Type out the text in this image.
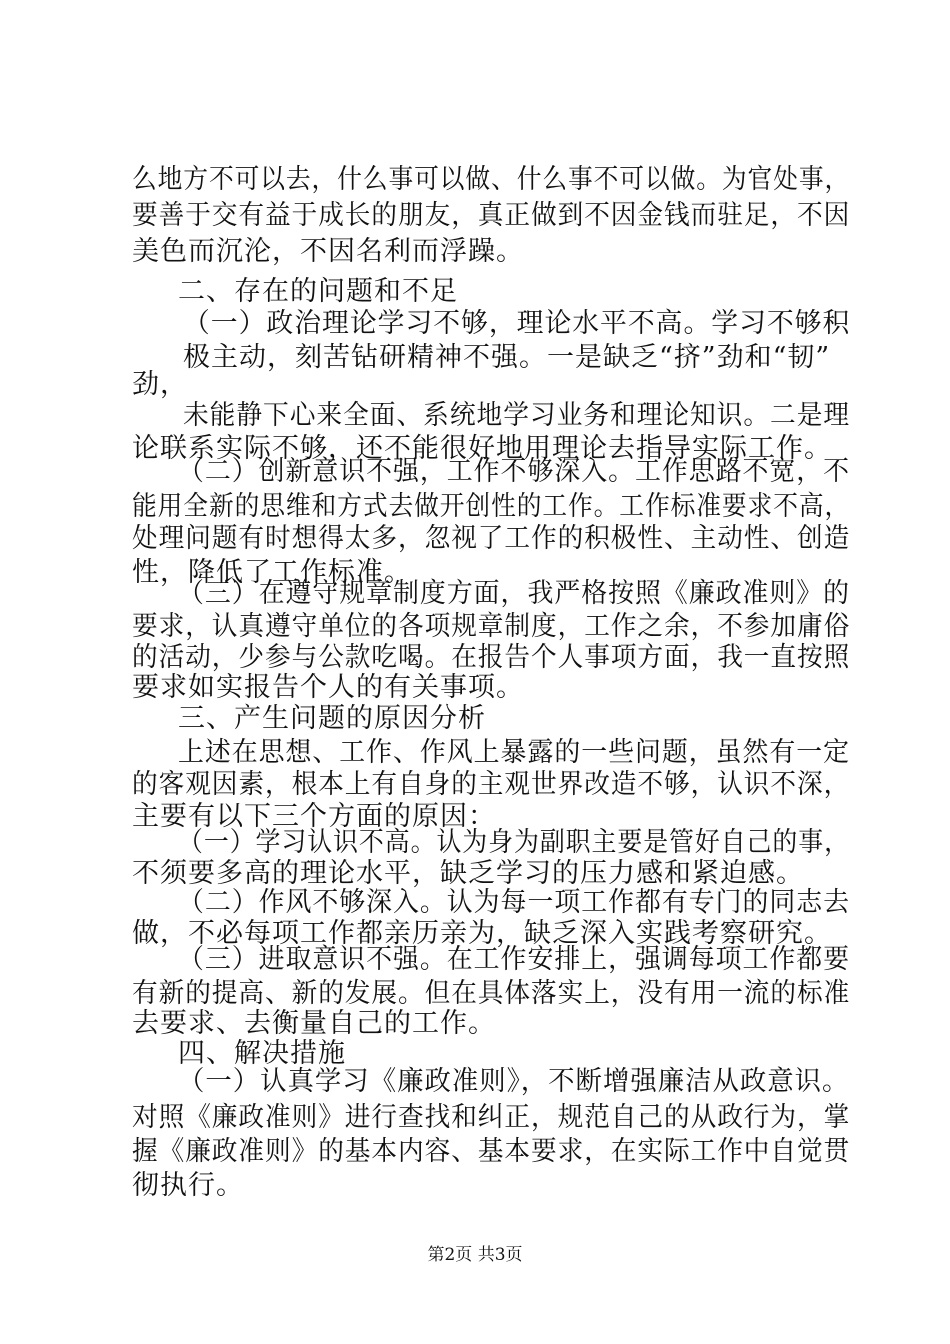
么地方不可以去，什么事可以做、什么事不可以做。为官处事，
要善于交有益于成长的朋友，真正做到不因金钱而驻足，不因
美色而沉沦，不因名利而浮躁。
二、存在的问题和不足
（一）政治理论学习不够，理论水平不高。学习不够积
极主动，刻苦钻研精神不强。一是缺乏“挤”劲和“韧”
劲，
未能静下心来全面、系统地学习业务和理论知识。二是理
论联系实际不够，还不能很好地用理论去指导实际工作。
（二）创新意识不强，工作不够深入。工作思路不宽，不
能用全新的思维和方式去做开创性的工作。工作标准要求不高，
处理问题有时想得太多，忽视了工作的积极性、主动性、创造
性，降低了工作标准。
（三）在遵守规章制度方面，我严格按照《廉政准则》的
要求，认真遵守单位的各项规章制度，工作之余，不参加庸俗
的活动，少参与公款吃喝。在报告个人事项方面，我一直按照
要求如实报告个人的有关事项。
三、产生问题的原因分析
上述在思想、工作、作风上暴露的一些问题，虽然有一定
的客观因素，根本上有自身的主观世界改造不够，认识不深，
主要有以下三个方面的原因：
（一）学习认识不高。认为身为副职主要是管好自己的事，
不须要多高的理论水平，缺乏学习的压力感和紧迫感。
（二）作风不够深入。认为每一项工作都有专门的同志去
做，不必每项工作都亲历亲为，缺乏深入实践考察研究。
（三）进取意识不强。在工作安排上，强调每项工作都要
有新的提高、新的发展。但在具体落实上，没有用一流的标准
去要求、去衡量自己的工作。
四、解决措施
（一）认真学习《廉政准则》，不断增强廉洁从政意识。
对照《廉政准则》进行查找和纠正，规范自己的从政行为，掌
握《廉政准则》的基本内容、基本要求，在实际工作中自觉贯
彻执行。
第2页 共3页
